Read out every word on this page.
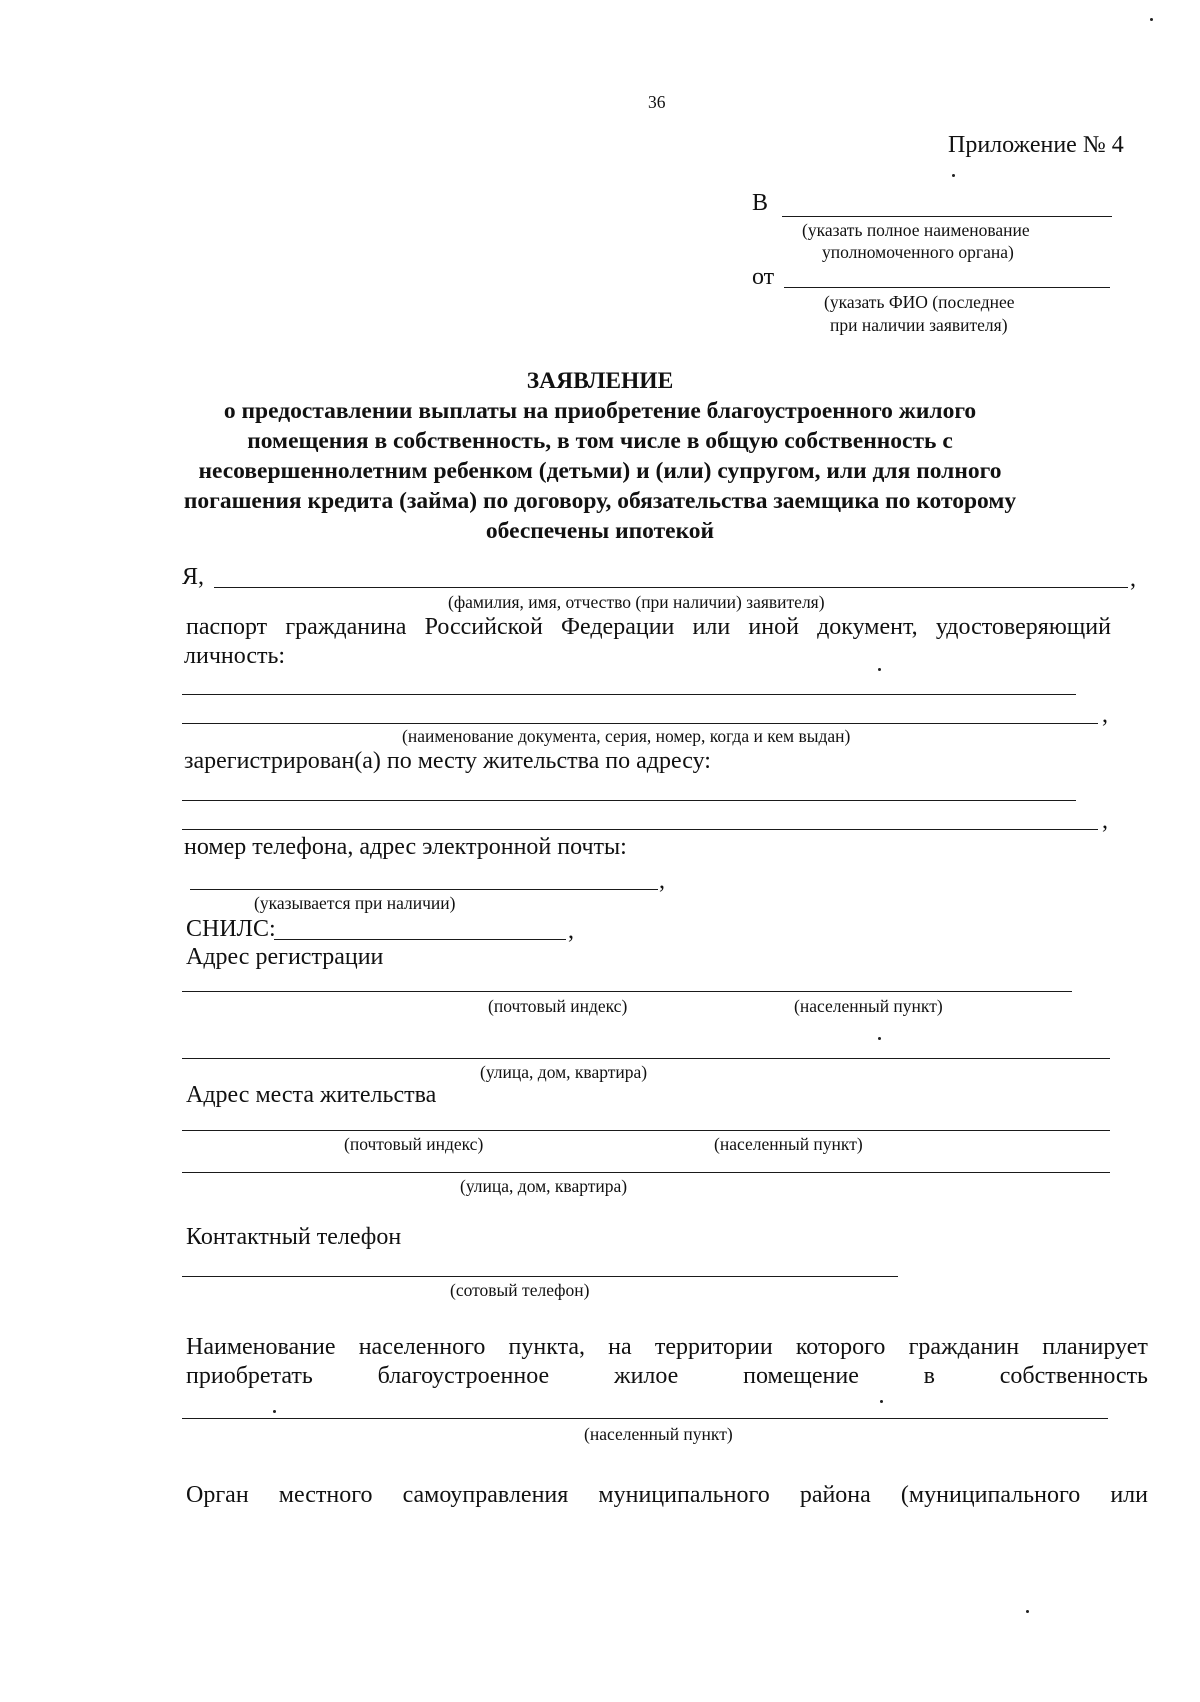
36
Приложение № 4
В
(указать полное наименование
уполномоченного органа)
от
(указать ФИО (последнее
при наличии заявителя)
ЗАЯВЛЕНИЕ
о предоставлении выплаты на приобретение благоустроенного жилого
помещения в собственность, в том числе в общую собственность с
несовершеннолетним ребенком (детьми) и (или) супругом, или для полного
погашения кредита (займа) по договору, обязательства заемщика по которому
обеспечены ипотекой
Я,	,
(фамилия, имя, отчество (при наличии) заявителя)
паспорт гражданина Российской Федерации или иной документ, удостоверяющий
личность:
,
(наименование документа, серия, номер, когда и кем выдан)
зарегистрирован(а) по месту жительства по адресу:
,
номер телефона, адрес электронной почты:
,
(указывается при наличии)
СНИЛС:	,
Адрес регистрации
(почтовый индекс)	(населенный пункт)
(улица, дом, квартира)
Адрес места жительства
(почтовый индекс)	(населенный пункт)
(улица, дом, квартира)
Контактный телефон
(сотовый телефон)
Наименование населенного пункта, на территории которого гражданин планирует
приобретать	благоустроенное	жилое	помещение	в	собственность
(населенный пункт)
Орган местного самоуправления муниципального района (муниципального или
